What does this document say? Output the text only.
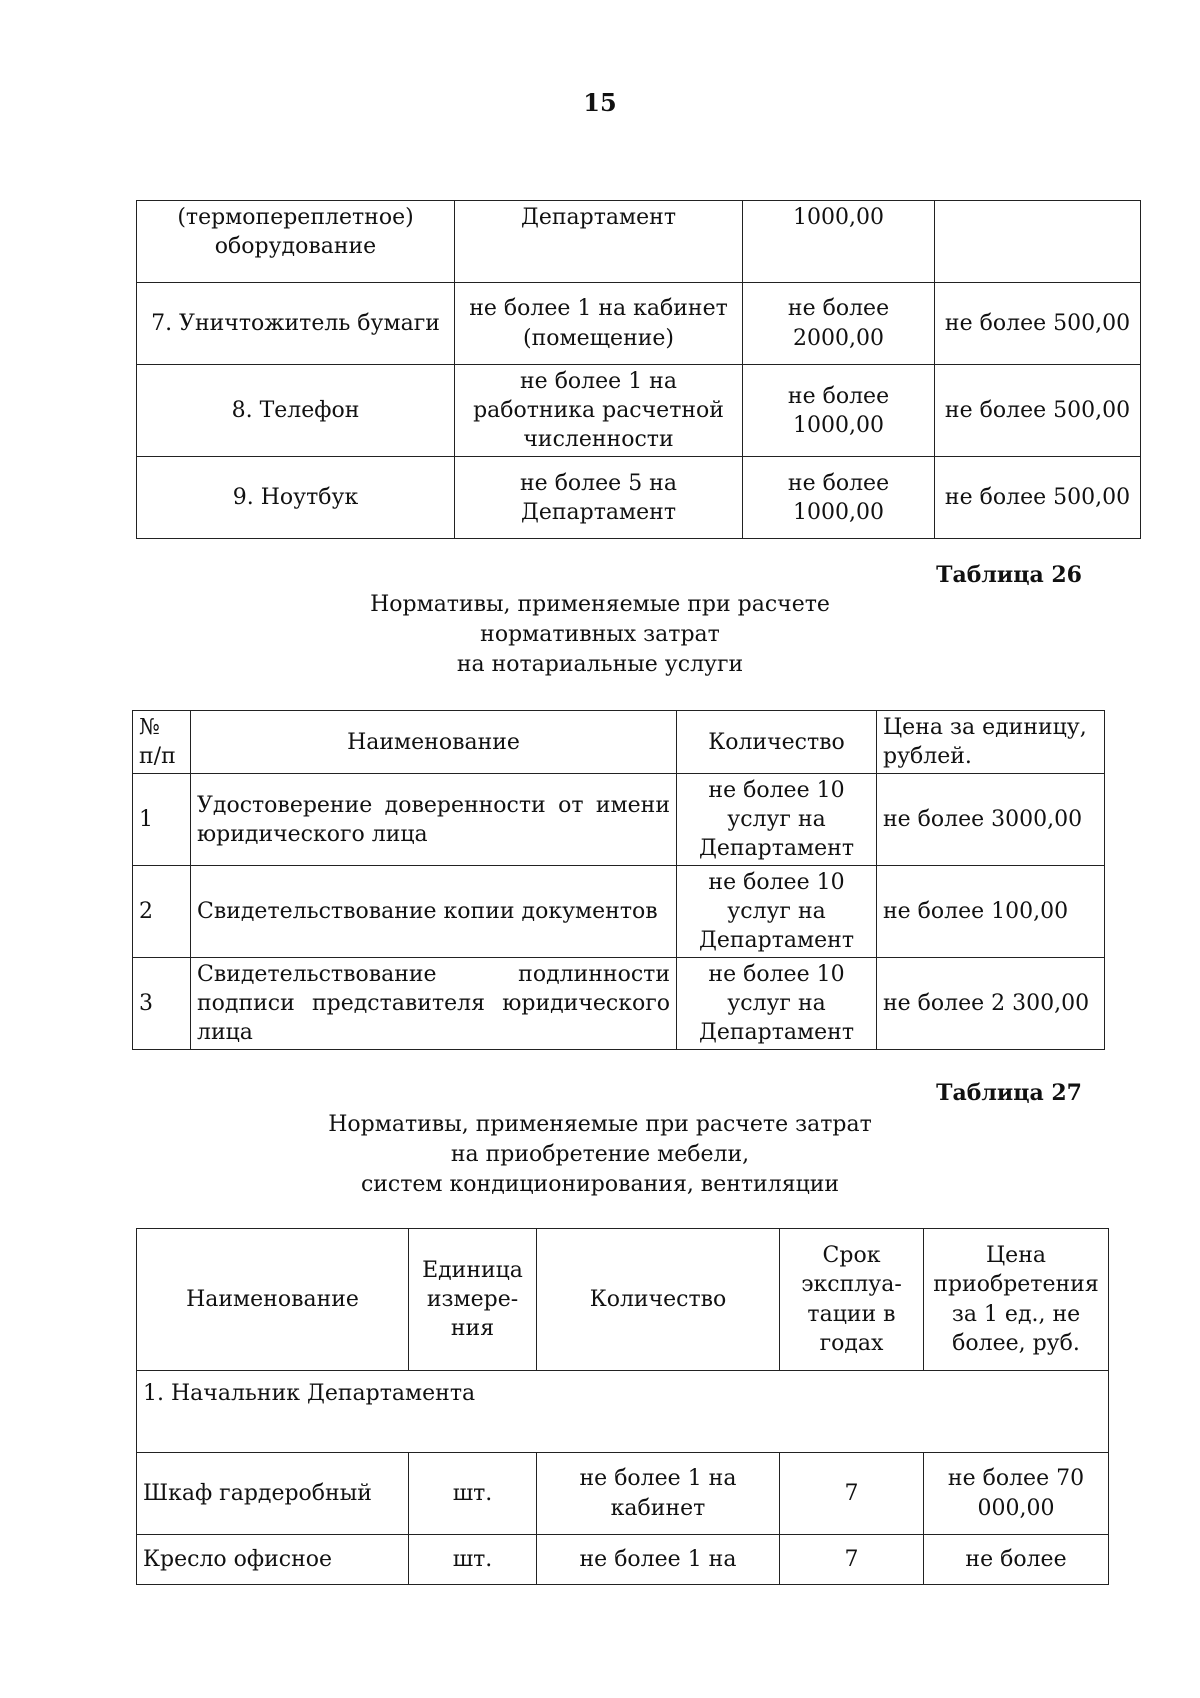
15
(термопереплетное) оборудование	Департамент	1000,00	
7. Уничтожитель бумаги	не более 1 на кабинет (помещение)	не более 2000,00	не более 500,00
8. Телефон	не более 1 на работника расчетной численности	не более 1000,00	не более 500,00
9. Ноутбук	не более 5 на Департамент	не более 1000,00	не более 500,00
Таблица 26
Нормативы, применяемые при расчете
нормативных затрат
на нотариальные услуги
№ п/п	Наименование	Количество	Цена за единицу, рублей.
1	Удостоверение доверенности от имени юридического лица	не более 10 услуг на Департамент	не более 3000,00
2	Свидетельствование копии документов	не более 10 услуг на Департамент	не более 100,00
3	Свидетельствование подлинности подписи представителя юридического лица	не более 10 услуг на Департамент	не более 2 300,00
Таблица 27
Нормативы, применяемые при расчете затрат
на приобретение мебели,
систем кондиционирования, вентиляции
Наименование	Единица измере-ния	Количество	Срок эксплуа-тации в годах	Цена приобретения за 1 ед., не более, руб.
1. Начальник Департамента				
Шкаф гардеробный	шт.	не более 1 на кабинет	7	не более 70 000,00
Кресло офисное	шт.	не более 1 на	7	не более
